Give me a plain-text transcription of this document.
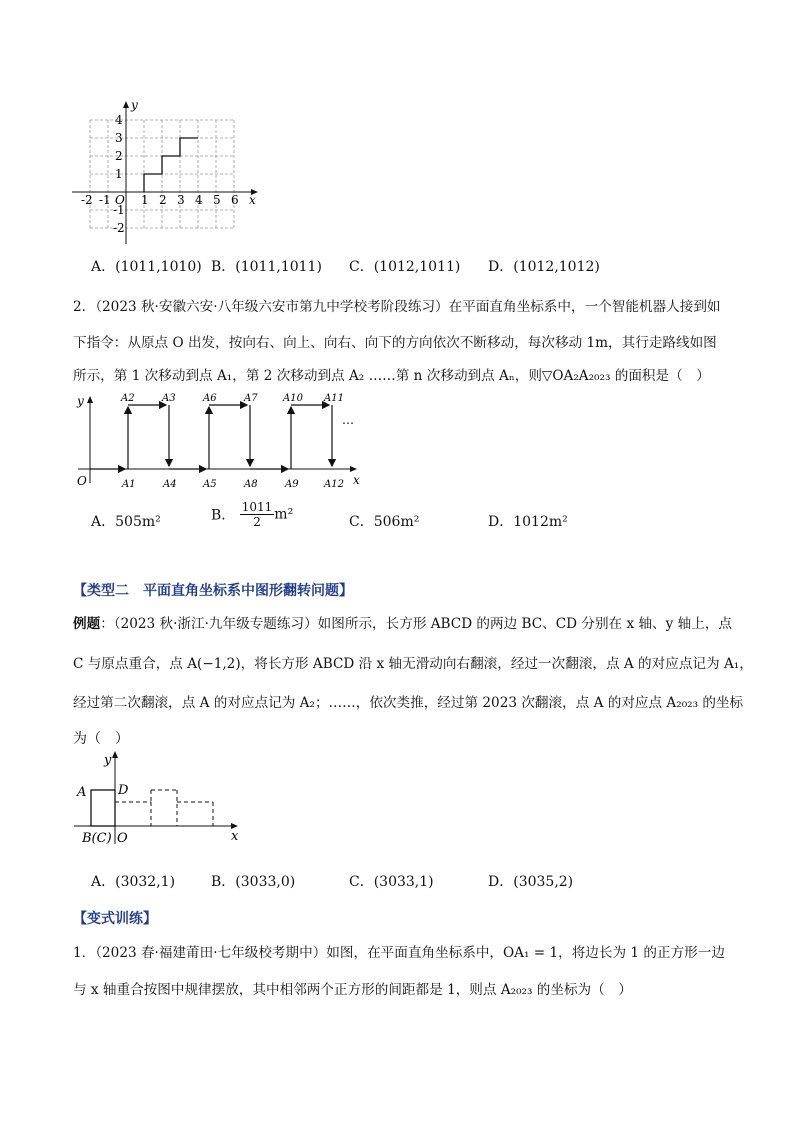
y
x
O
4
3
2
1
-1
-2
-2 -1	1 2 3 4 5 6
A．(1011,1010) B．(1011,1011) C．(1012,1011) D．(1012,1012)
2．（2023 秋·安徽六安·八年级六安市第九中学校考阶段练习）在平面直角坐标系中，一个智能机器人接到如
下指令：从原点 O 出发，按向右、向上、向右、向下的方向依次不断移动，每次移动 1m，其行走路线如图
所示，第 1 次移动到点 A₁，第 2 次移动到点 A₂ ……第 n 次移动到点 Aₙ，则▽OA₂A₂₀₂₃ 的面积是（　）
y
x
O
…
A2	A3	A6	A7	A10 A11
A1	A4	A5	A8	A9	A12
A．505m²	B． $\frac{1011}{2} m^2$	C．506m²	D．1012m²
【类型二　平面直角坐标系中图形翻转问题】
例题：（2023 秋·浙江·九年级专题练习）如图所示，长方形 ABCD 的两边 BC、CD 分别在 x 轴、y 轴上，点
C 与原点重合，点 A(−1,2)，将长方形 ABCD 沿 x 轴无滑动向右翻滚，经过一次翻滚，点 A 的对应点记为 A₁，
经过第二次翻滚，点 A 的对应点记为 A₂；……，依次类推，经过第 2023 次翻滚，点 A 的对应点 A₂₀₂₃ 的坐标
为（　）
A D
B(C) O
y
x
A．(3032,1)	B．(3033,0)	C．(3033,1)	D．(3035,2)
【变式训练】
1．（2023 春·福建莆田·七年级校考期中）如图，在平面直角坐标系中，OA₁ = 1，将边长为 1 的正方形一边
与 x 轴重合按图中规律摆放，其中相邻两个正方形的间距都是 1，则点 A₂₀₂₃ 的坐标为（　）
